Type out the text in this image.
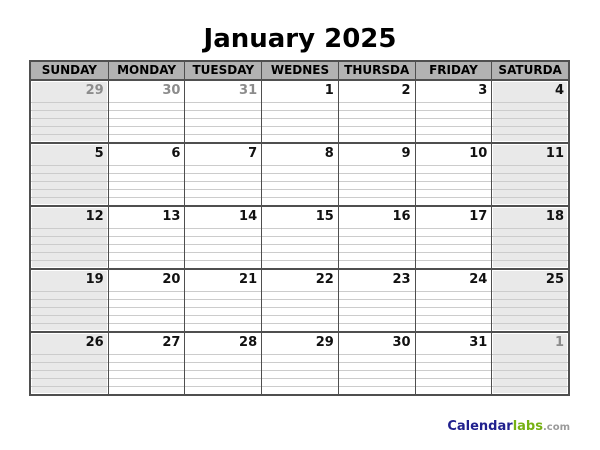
January 2025
SUNDAY	MONDAY	TUESDAY	WEDNES	THURSDA	FRIDAY	SATURDA
29	30	31	1	2	3	4
5	6	7	8	9	10	11
12	13	14	15	16	17	18
19	20	21	22	23	24	25
26	27	28	29	30	31	1
Calendarlabs.com
